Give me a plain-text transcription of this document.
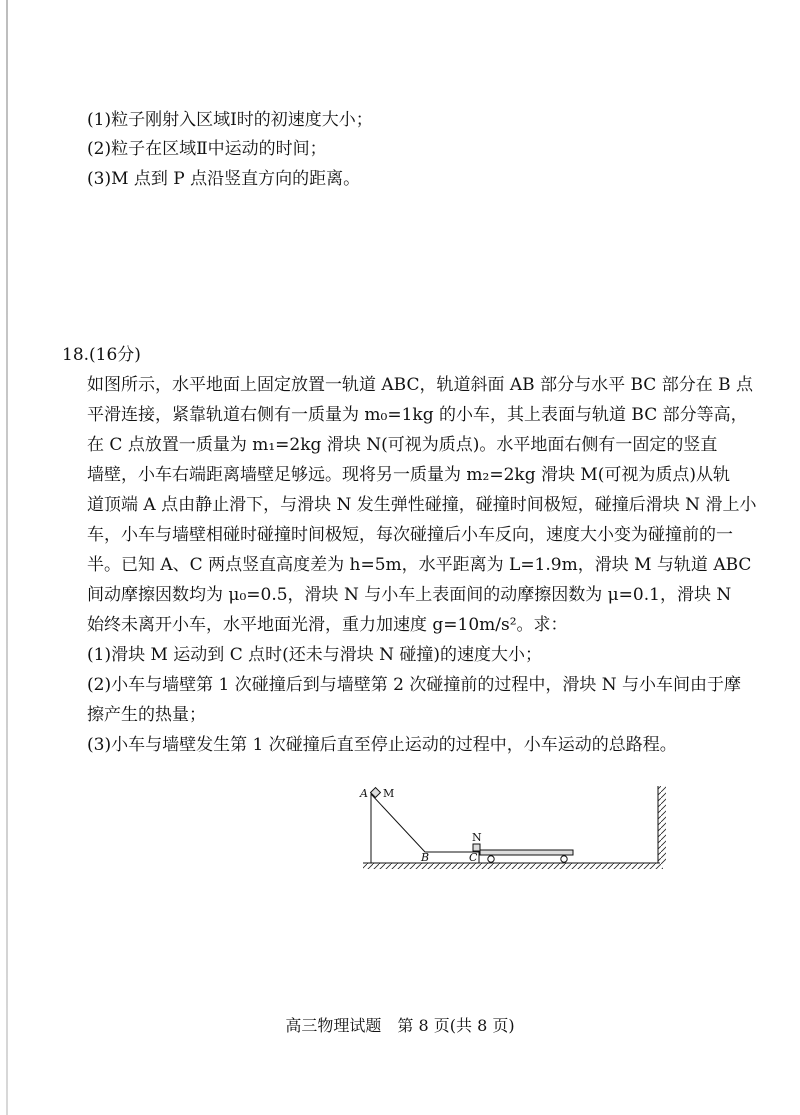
(1)粒子刚射入区域Ⅰ时的初速度大小；
(2)粒子在区域Ⅱ中运动的时间；
(3)M 点到 P 点沿竖直方向的距离。
18.(16分)
如图所示，水平地面上固定放置一轨道 ABC，轨道斜面 AB 部分与水平 BC 部分在 B 点
平滑连接，紧靠轨道右侧有一质量为 m₀=1kg 的小车，其上表面与轨道 BC 部分等高，
在 C 点放置一质量为 m₁=2kg 滑块 N(可视为质点)。水平地面右侧有一固定的竖直
墙壁，小车右端距离墙壁足够远。现将另一质量为 m₂=2kg 滑块 M(可视为质点)从轨
道顶端 A 点由静止滑下，与滑块 N 发生弹性碰撞，碰撞时间极短，碰撞后滑块 N 滑上小
车，小车与墙壁相碰时碰撞时间极短，每次碰撞后小车反向，速度大小变为碰撞前的一
半。已知 A、C 两点竖直高度差为 h=5m，水平距离为 L=1.9m，滑块 M 与轨道 ABC
间动摩擦因数均为 μ₀=0.5，滑块 N 与小车上表面间的动摩擦因数为 μ=0.1，滑块 N
始终未离开小车，水平地面光滑，重力加速度 g=10m/s²。求：
(1)滑块 M 运动到 C 点时(还未与滑块 N 碰撞)的速度大小；
(2)小车与墙壁第 1 次碰撞后到与墙壁第 2 次碰撞前的过程中，滑块 N 与小车间由于摩
擦产生的热量；
(3)小车与墙壁发生第 1 次碰撞后直至停止运动的过程中，小车运动的总路程。
A M
B	C
N
高三物理试题　第 8 页(共 8 页)
